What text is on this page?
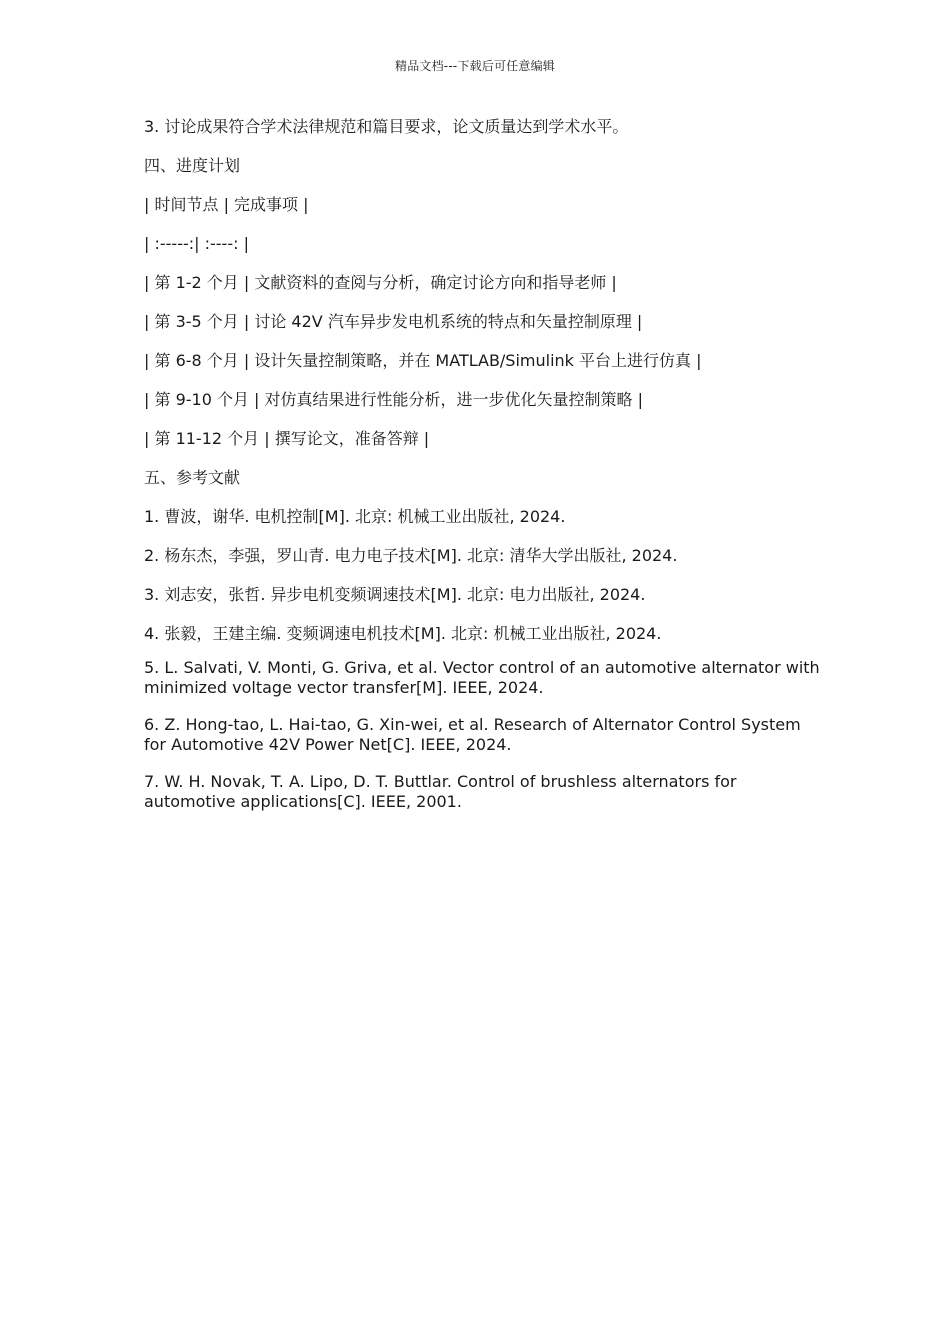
精品文档---下载后可任意编辑

3. 讨论成果符合学术法律规范和篇目要求，论文质量达到学术水平。

四、进度计划

| 时间节点 | 完成事项 |

| :-----:| :----: |

| 第 1-2 个月 | 文献资料的查阅与分析，确定讨论方向和指导老师 |

| 第 3-5 个月 | 讨论 42V 汽车异步发电机系统的特点和矢量控制原理 |

| 第 6-8 个月 | 设计矢量控制策略，并在 MATLAB/Simulink 平台上进行仿真 |

| 第 9-10 个月 | 对仿真结果进行性能分析，进一步优化矢量控制策略 |

| 第 11-12 个月 | 撰写论文，准备答辩 |

五、参考文献

1. 曹波，谢华. 电机控制[M]. 北京: 机械工业出版社, 2024.

2. 杨东杰，李强，罗山青. 电力电子技术[M]. 北京: 清华大学出版社, 2024.

3. 刘志安，张哲. 异步电机变频调速技术[M]. 北京: 电力出版社, 2024.

4. 张毅，王建主编. 变频调速电机技术[M]. 北京: 机械工业出版社, 2024.

5. L. Salvati, V. Monti, G. Griva, et al. Vector control of an automotive alternator with minimized voltage vector transfer[M]. IEEE, 2024.

6. Z. Hong-tao, L. Hai-tao, G. Xin-wei, et al. Research of Alternator Control System for Automotive 42V Power Net[C]. IEEE, 2024.

7. W. H. Novak, T. A. Lipo, D. T. Buttlar. Control of brushless alternators for automotive applications[C]. IEEE, 2001.
